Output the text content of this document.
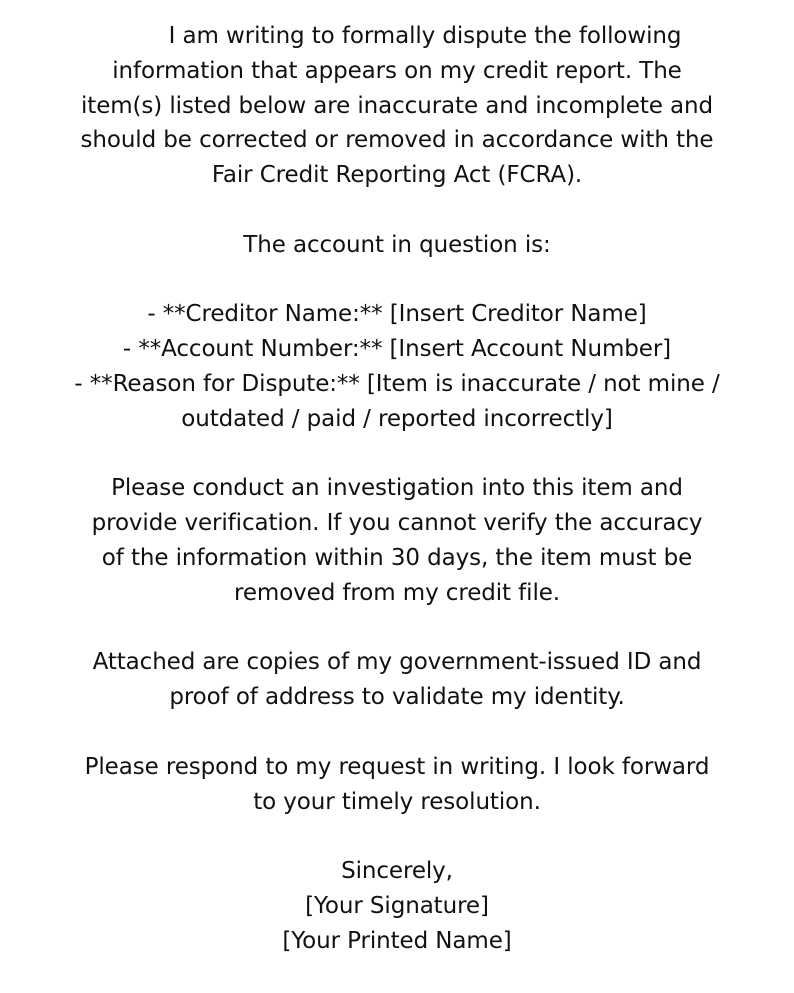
I am writing to formally dispute the following
information that appears on my credit report. The
item(s) listed below are inaccurate and incomplete and
should be corrected or removed in accordance with the
Fair Credit Reporting Act (FCRA).

The account in question is:

- **Creditor Name:** [Insert Creditor Name]
- **Account Number:** [Insert Account Number]
- **Reason for Dispute:** [Item is inaccurate / not mine /
outdated / paid / reported incorrectly]

Please conduct an investigation into this item and
provide verification. If you cannot verify the accuracy
of the information within 30 days, the item must be
removed from my credit file.

Attached are copies of my government-issued ID and
proof of address to validate my identity.

Please respond to my request in writing. I look forward
to your timely resolution.

Sincerely,
[Your Signature]
[Your Printed Name]
